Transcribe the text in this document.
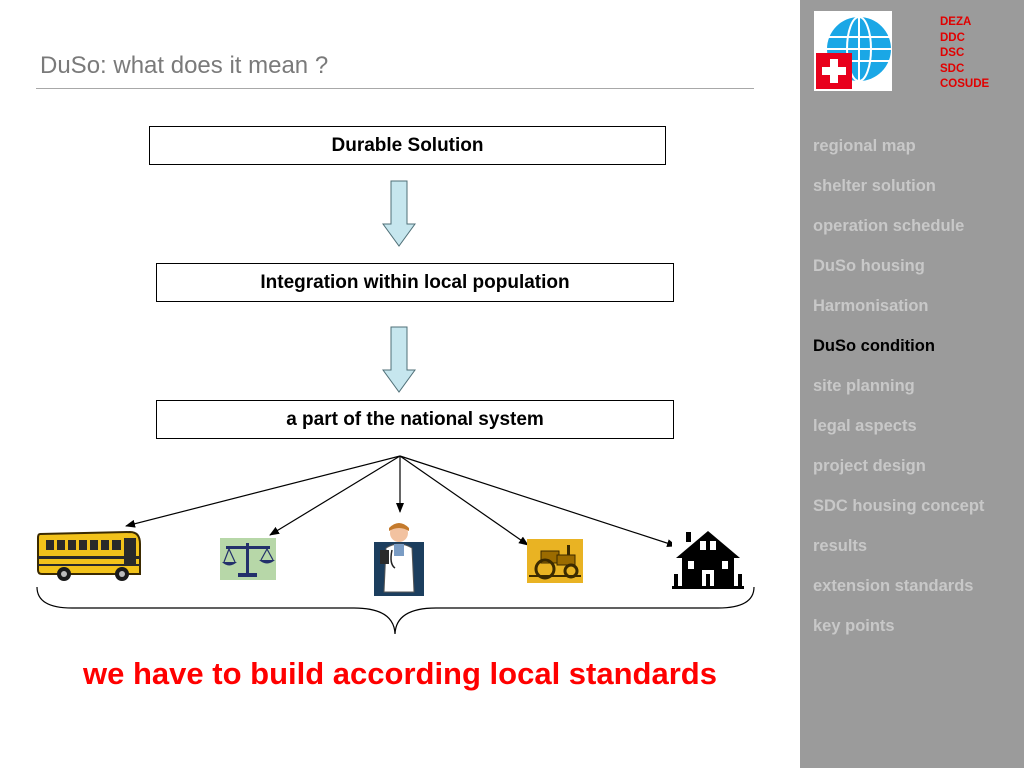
DuSo: what does it mean ?
Durable Solution
Integration within local population
a part of the national system
we have to build according local standards
DEZA
DDC
DSC
SDC
COSUDE
regional map
shelter solution
operation schedule
DuSo housing
Harmonisation
DuSo condition
site planning
legal aspects
project design
SDC housing concept
results
extension standards
key points
